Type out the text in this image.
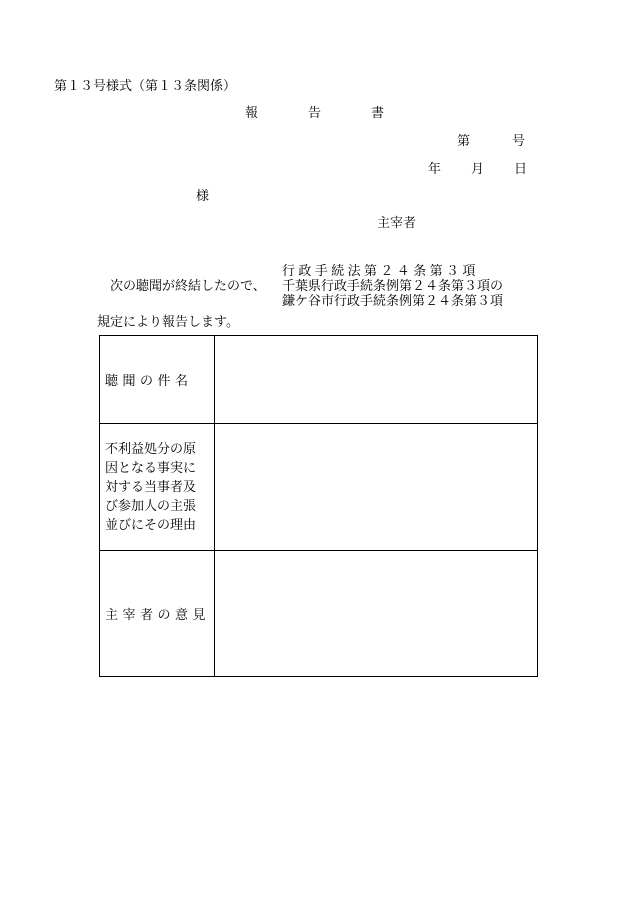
第１３号様式（第１３条関係）
報	告	書
第	号
年 月 日
様
主宰者
行政手続法第２４条第３項
次の聴聞が終結したので、 千葉県行政手続条例第２４条第３項の
鎌ケ谷市行政手続条例第２４条第３項
規定により報告します。
聴聞の件名	

不利益処分の原
因となる事実に
対する当事者及
び参加人の主張
並びにその理由	

主宰者の意見	
